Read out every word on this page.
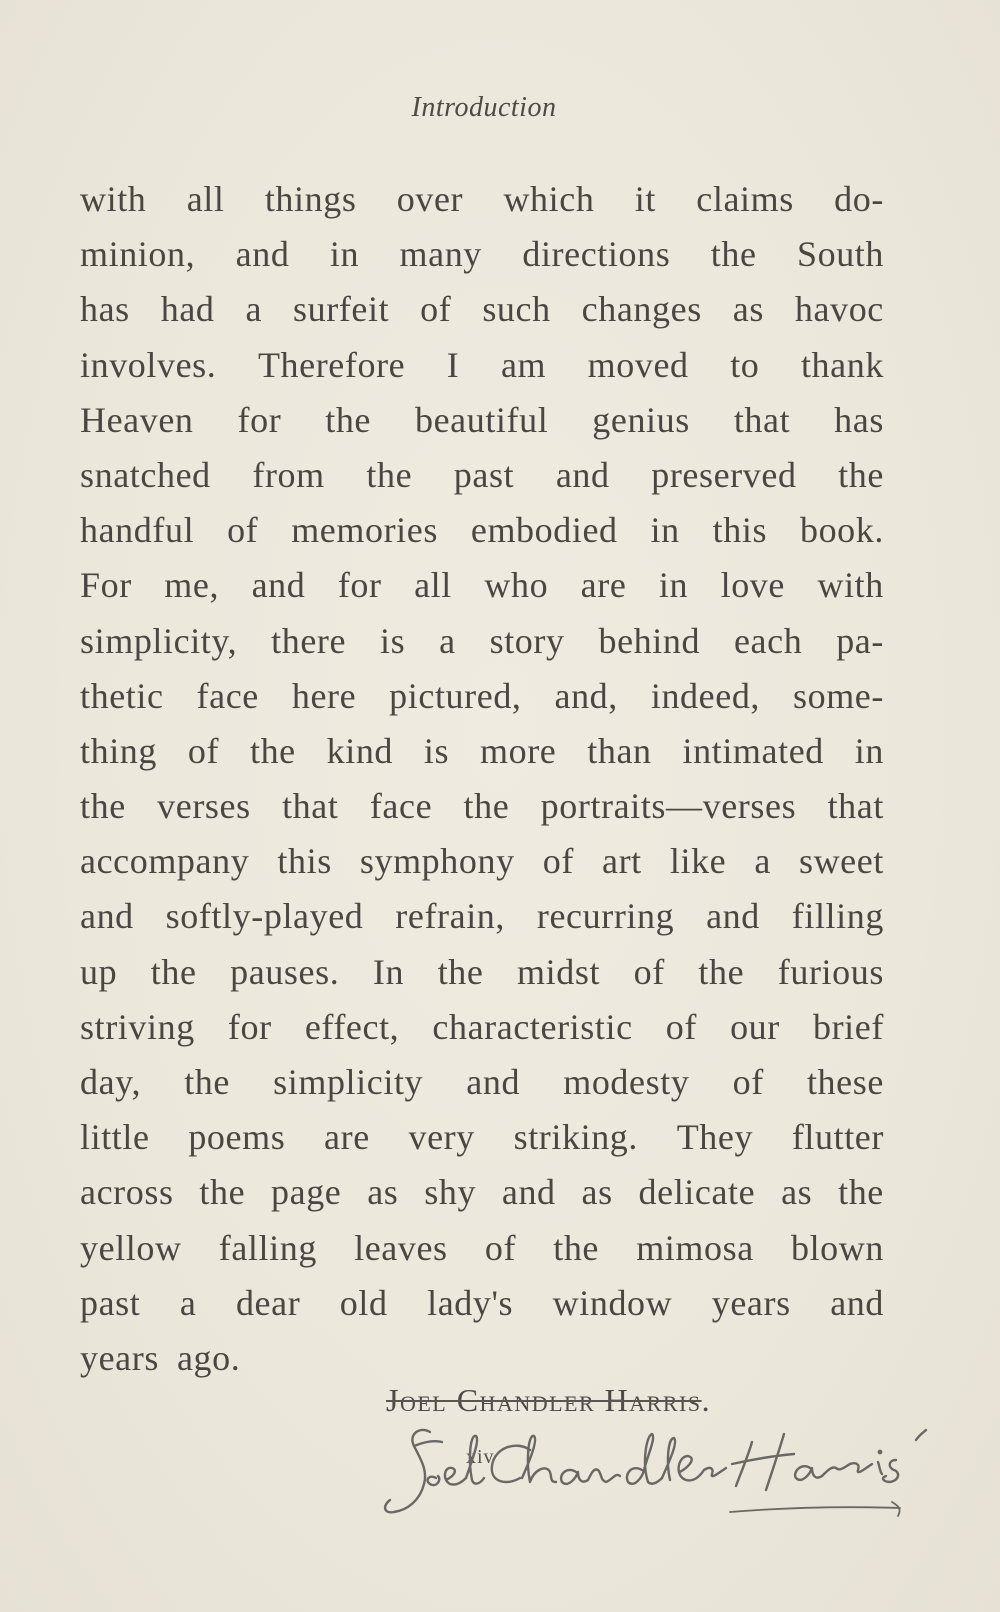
Introduction
with all things over which it claims do-
minion, and in many directions the South
has had a surfeit of such changes as havoc
involves. Therefore I am moved to thank
Heaven for the beautiful genius that has
snatched from the past and preserved the
handful of memories embodied in this book.
For me, and for all who are in love with
simplicity, there is a story behind each pa-
thetic face here pictured, and, indeed, some-
thing of the kind is more than intimated in
the verses that face the portraits—verses that
accompany this symphony of art like a sweet
and softly-played refrain, recurring and filling
up the pauses. In the midst of the furious
striving for effect, characteristic of our brief
day, the simplicity and modesty of these
little poems are very striking. They flutter
across the page as shy and as delicate as the
yellow falling leaves of the mimosa blown
past a dear old lady's window years and
years ago.
Joel Chandler Harris.
xiv
